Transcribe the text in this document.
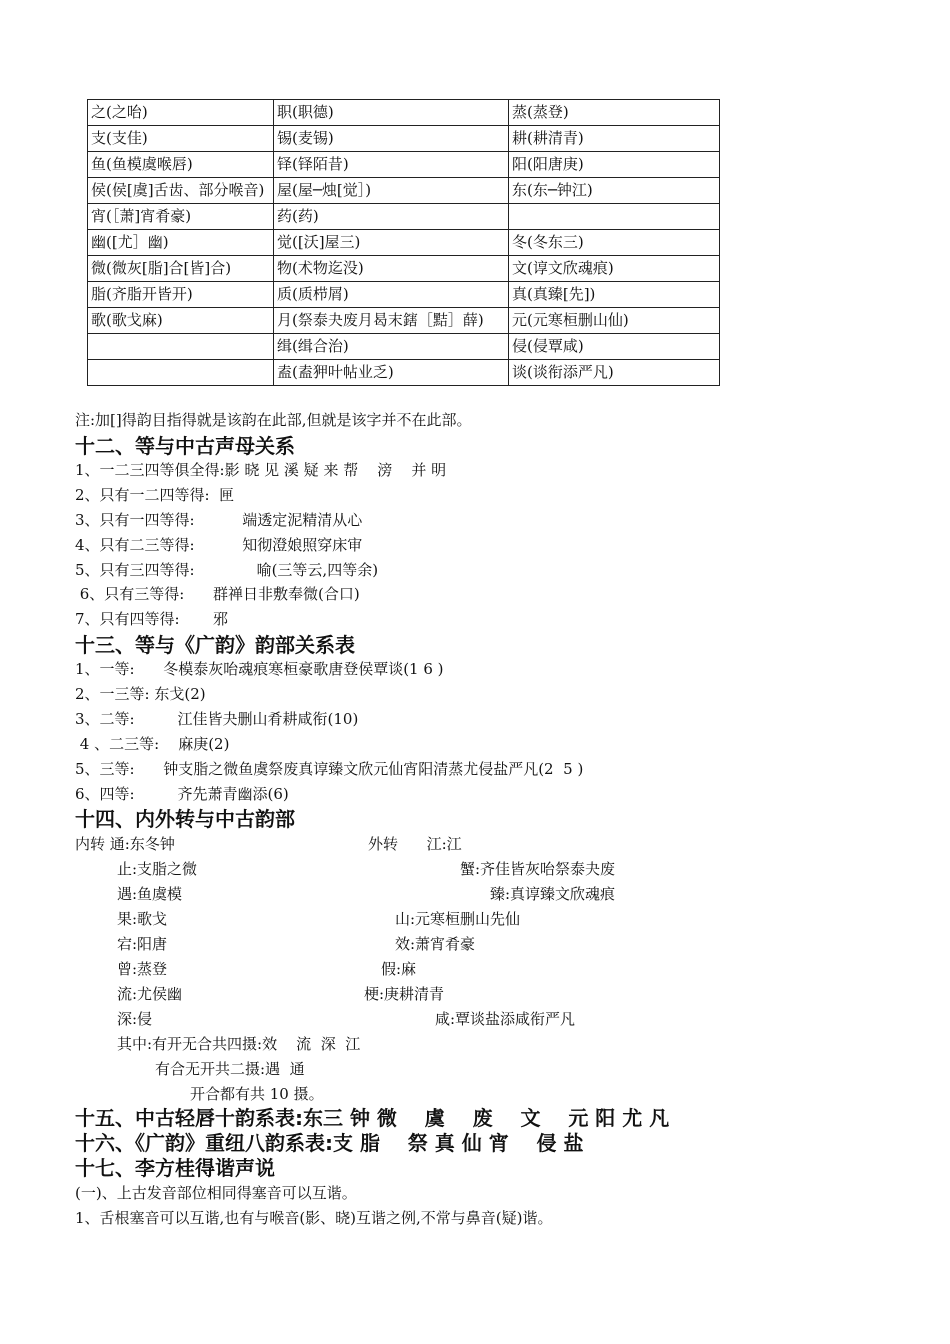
之(之咍)	职(职德)	蒸(蒸登)
支(支佳)	锡(麦锡)	耕(耕清青)
鱼(鱼模虞喉唇)	铎(铎陌昔)	阳(阳唐庚)
侯(侯[虞]舌齿、部分喉音)	屋(屋─烛[觉］)	东(东─钟江)
宵(［萧]宵肴豪)	药(药)	
幽([尤］幽)	觉([沃]屋三)	冬(冬东三)
微(微灰[脂]合[皆]合)	物(术物迄没)	文(谆文欣魂痕)
脂(齐脂开皆开)	质(质栉屑)	真(真臻[先])
歌(歌戈麻)	月(祭泰夬废月曷末鎋［黠］薛)	元(元寒桓删山仙)
	缉(缉合治)	侵(侵覃咸)
	盍(盍狎叶帖业乏)	谈(谈衔添严凡)
注:加[]得韵目指得就是该韵在此部,但就是该字并不在此部。
十二、等与中古声母关系
1、一二三四等俱全得:影 晓 见 溪 疑 来 帮    滂    并 明
2、只有一二四等得:  匣
3、只有一四等得:          端透定泥精清从心
4、只有二三等得:          知彻澄娘照穿床审
5、只有三四等得:             喻(三等云,四等余)
6、只有三等得:      群禅日非敷奉微(合口)
7、只有四等得:       邪
十三、等与《广韵》韵部关系表
1、一等:      冬模泰灰咍魂痕寒桓豪歌唐登侯覃谈(1 6 )
2、一三等: 东戈(2)
3、二等:         江佳皆夬删山肴耕咸衔(10)
4 、二三等:    麻庚(2)
5、三等:      钟支脂之微鱼虞祭废真谆臻文欣元仙宵阳清蒸尤侵盐严凡(2  5 )
6、四等:         齐先萧青幽添(6)
十四、内外转与中古韵部
内转 通:东冬钟
止:支脂之微
遇:鱼虞模
果:歌戈
宕:阳唐
曾:蒸登
流:尤侯幽
深:侵
其中:有开无合共四摄:效    流  深  江
有合无开共二摄:遇  通
开合都有共 10 摄。
外转      江:江
蟹:齐佳皆灰咍祭泰夬废
臻:真谆臻文欣魂痕
山:元寒桓删山先仙
效:萧宵肴豪
假:麻
梗:庚耕清青
咸:覃谈盐添咸衔严凡
十五、中古轻唇十韵系表:东三 钟 微    虞    废    文    元 阳 尤 凡
十六、《广韵》重纽八韵系表:支 脂    祭 真 仙 宵    侵 盐
十七、李方桂得谐声说
(一)、上古发音部位相同得塞音可以互谐。
1、舌根塞音可以互谐,也有与喉音(影、晓)互谐之例,不常与鼻音(疑)谐。
